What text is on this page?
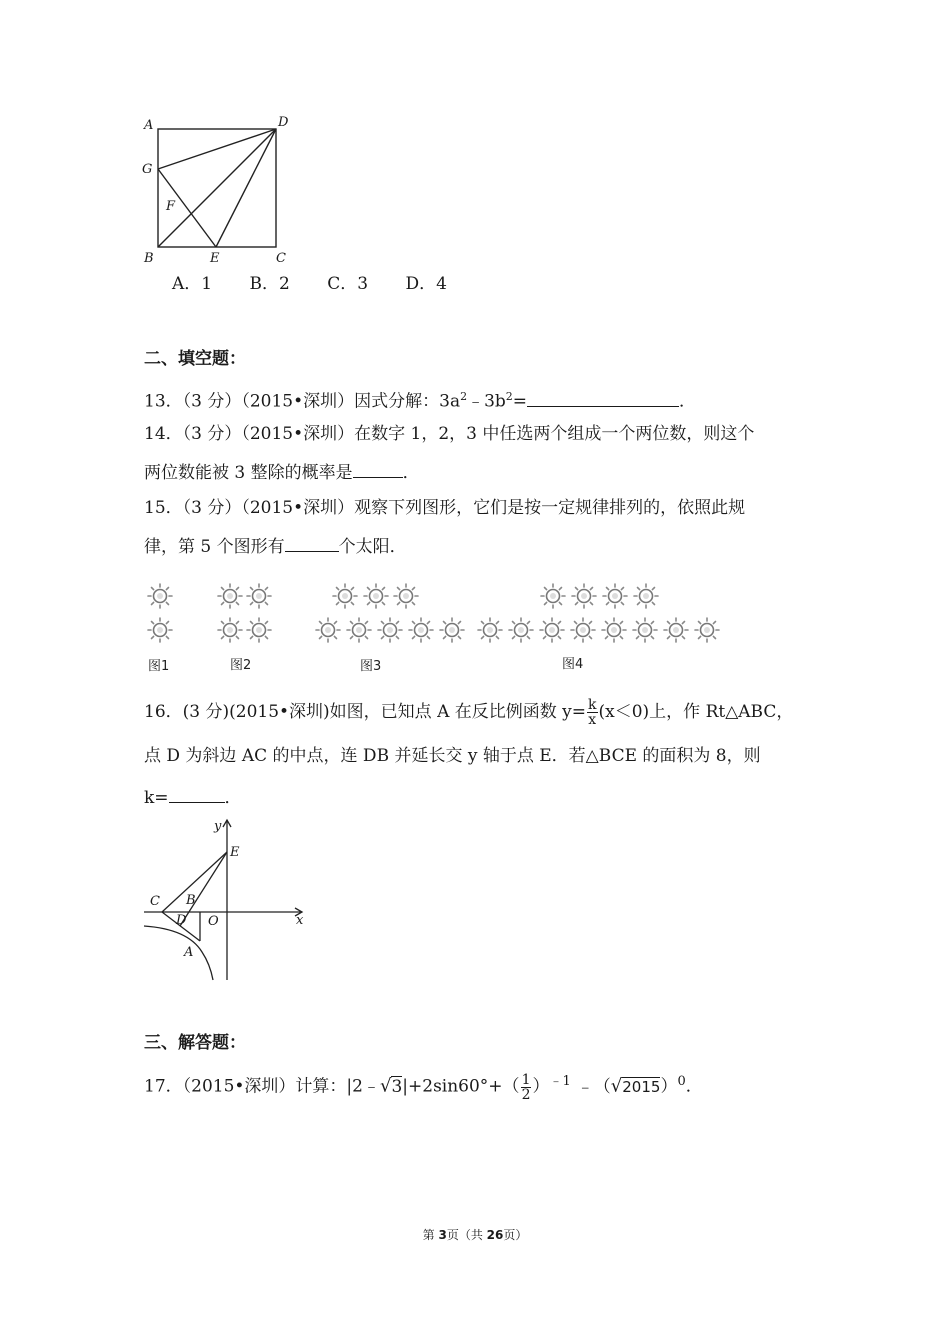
A	D
G
F
B	E	C
A．1 B．2 C．3 D．4
二、填空题：
13．（3 分）（2015•深圳）因式分解：$3a^2﹣3b^2=$	．
14．（3 分）（2015•深圳）在数字 1，2，3 中任选两个组成一个两位数，则这个
两位数能被 3 整除的概率是	．
15．（3 分）（2015•深圳）观察下列图形，它们是按一定规律排列的，依照此规
律，第 5 个图形有	个太阳．
图1	图2	图3	图4
16．(3 分)(2015•深圳)如图，已知点 A 在反比例函数 $y= \frac{k}{x} (x<0)$上，作 Rt△ABC，
点 D 为斜边 AC 的中点，连 DB 并延长交 y 轴于点 E．若△BCE 的面积为 8，则
k=	．
y
x
E
C B
D O
A
三、解答题：
17．（2015•深圳）计算：|2﹣√3|+2sin60°+（ $\frac{1}{2} )^{﹣1}$ $﹣(√2015)^0$．
第 3页（共 26页）
